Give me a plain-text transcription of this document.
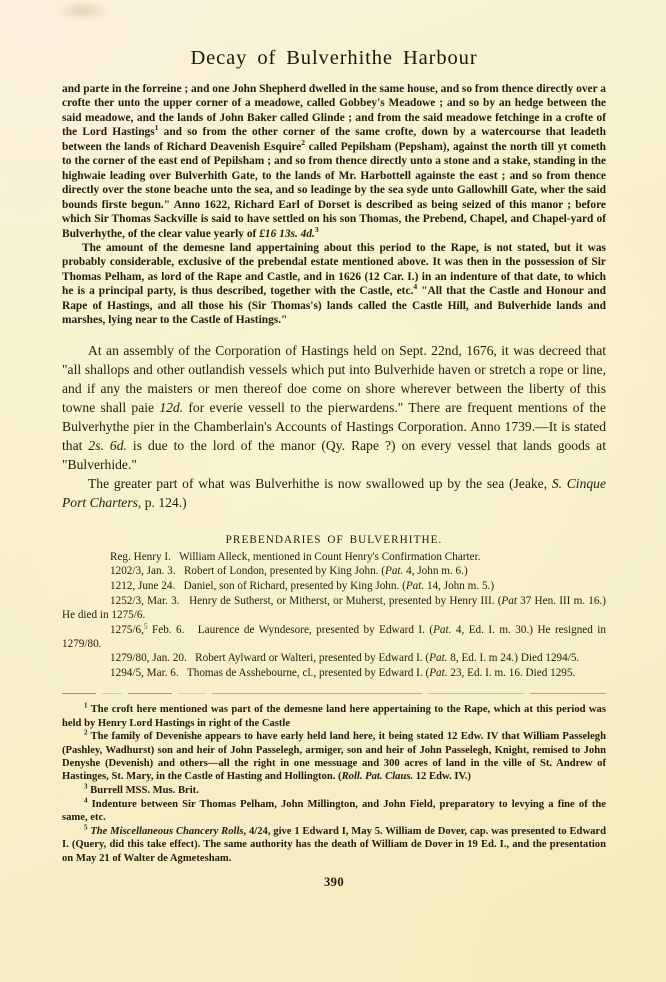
Decay of Bulverhithe Harbour

and parte in the forreine ; and one John Shepherd dwelled in the same house, and so from thence directly over a crofte ther unto the upper corner of a meadowe, called Gobbey's Meadowe ; and so by an hedge between the said meadowe, and the lands of John Baker called Glinde ; and from the said meadowe fetchinge in a crofte of the Lord Hastings$^1$ and so from the other corner of the same crofte, down by a watercourse that leadeth between the lands of Richard Deavenish Esquire$^2$ called Pepilsham (Pepsham), against the north till yt cometh to the corner of the east end of Pepilsham ; and so from thence directly unto a stone and a stake, standing in the highwaie leading over Bulverhith Gate, to the lands of Mr. Harbottell againste the east ; and so from thence directly over the stone beache unto the sea, and so leadinge by the sea syde unto Gallowhill Gate, wher the said bounds firste begun." Anno 1622, Richard Earl of Dorset is described as being seized of this manor ; before which Sir Thomas Sackville is said to have settled on his son Thomas, the Prebend, Chapel, and Chapel-yard of Bulverhythe, of the clear value yearly of £16 13s. 4d.$^3$

The amount of the demesne land appertaining about this period to the Rape, is not stated, but it was probably considerable, exclusive of the prebendal estate mentioned above. It was then in the possession of Sir Thomas Pelham, as lord of the Rape and Castle, and in 1626 (12 Car. I.) in an indenture of that date, to which he is a principal party, is thus described, together with the Castle, etc.$^4$ "All that the Castle and Honour and Rape of Hastings, and all those his (Sir Thomas's) lands called the Castle Hill, and Bulverhide lands and marshes, lying near to the Castle of Hastings."

At an assembly of the Corporation of Hastings held on Sept. 22nd, 1676, it was decreed that "all shallops and other outlandish vessels which put into Bulverhide haven or stretch a rope or line, and if any the maisters or men thereof doe come on shore wherever between the liberty of this towne shall paie 12d. for everie vessell to the pierwardens." There are frequent mentions of the Bulverhythe pier in the Chamberlain's Accounts of Hastings Corporation. Anno 1739.—It is stated that 2s. 6d. is due to the lord of the manor (Qy. Rape ?) on every vessel that lands goods at "Bulverhide."

The greater part of what was Bulverhithe is now swallowed up by the sea (Jeake, S. Cinque Port Charters, p. 124.)

PREBENDARIES OF BULVERHITHE.
Reg. Henry I. William Alleck, mentioned in Count Henry's Confirmation Charter.
1202/3, Jan. 3. Robert of London, presented by King John. (Pat. 4, John m. 6.)
1212, June 24. Daniel, son of Richard, presented by King John. (Pat. 14, John m. 5.)
1252/3, Mar. 3. Henry de Sutherst, or Mitherst, or Muherst, presented by Henry III. (Pat 37 Hen. III m. 16.) He died in 1275/6.
1275/6,$^5$ Feb. 6. Laurence de Wyndesore, presented by Edward I. (Pat. 4, Ed. I. m. 30.) He resigned in 1279/80.
1279/80, Jan. 20. Robert Aylward or Walteri, presented by Edward I. (Pat. 8, Ed. I. m 24.) Died 1294/5.
1294/5, Mar. 6. Thomas de Asshebourne, cl., presented by Edward I. (Pat. 23, Ed. I. m. 16. Died 1295.
$^1$ The croft here mentioned was part of the demesne land here appertaining to the Rape, which at this period was held by Henry Lord Hastings in right of the Castle
$^2$ The family of Devenishe appears to have early held land here, it being stated 12 Edw. IV that William Passelegh (Pashley, Wadhurst) son and heir of John Passelegh, armiger, son and heir of John Passelegh, Knight, remised to John Denyshe (Devenish) and others—all the right in one messuage and 300 acres of land in the ville of St. Andrew of Hastinges, St. Mary, in the Castle of Hasting and Hollington. (Roll. Pat. Claus. 12 Edw. IV.)
$^3$ Burrell MSS. Mus. Brit.
$^4$ Indenture between Sir Thomas Pelham, John Millington, and John Field, preparatory to levying a fine of the same, etc.
$^5$ The Miscellaneous Chancery Rolls, 4/24, give 1 Edward I, May 5. William de Dover, cap. was presented to Edward I. (Query, did this take effect). The same authority has the death of William de Dover in 19 Ed. I., and the presentation on May 21 of Walter de Agmetesham.
390
